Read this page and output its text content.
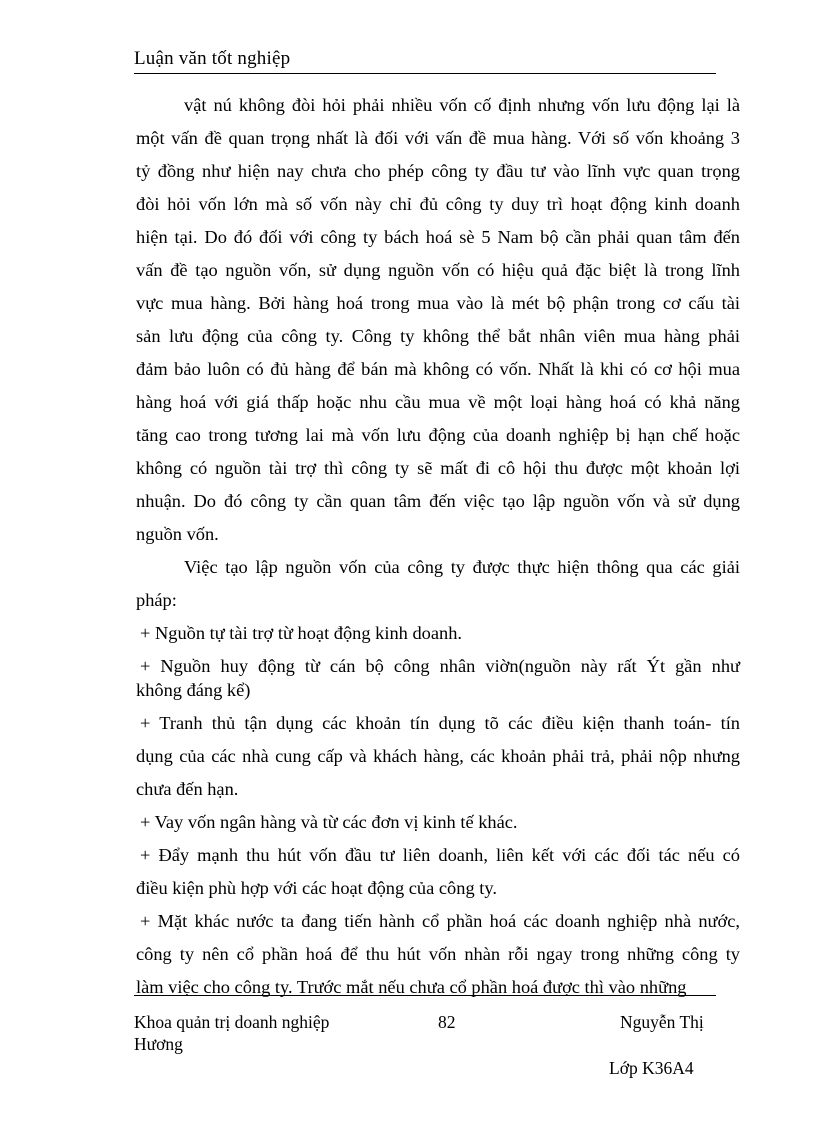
Luận văn tốt nghiệp
vật nú không đòi hỏi phải nhiều vốn cố định nhưng vốn lưu động lại là
một vấn đề quan trọng nhất là đối với vấn đề mua hàng. Với số vốn khoảng 3
tỷ đồng như hiện nay chưa cho phép công ty đầu tư vào lĩnh vực quan trọng
đòi hỏi vốn lớn mà số vốn này chỉ đủ công ty duy trì hoạt động kinh doanh
hiện tại. Do đó đối với công ty bách hoá sè 5 Nam bộ cần phải quan tâm đến
vấn đề tạo nguồn vốn, sử dụng nguồn vốn có hiệu quả đặc biệt là trong lĩnh
vực mua hàng. Bởi hàng hoá trong mua vào là mét bộ phận trong cơ cấu tài
sản lưu động của công ty. Công ty không thể bắt nhân viên mua hàng phải
đảm bảo luôn có đủ hàng để bán mà không có vốn. Nhất là khi có cơ hội mua
hàng hoá với giá thấp hoặc nhu cầu mua về một loại hàng hoá có khả năng
tăng cao trong tương lai mà vốn lưu động của doanh nghiệp bị hạn chế hoặc
không có nguồn tài trợ thì công ty sẽ mất đi cô hội thu được một khoản lợi
nhuận. Do đó công ty cần quan tâm đến việc tạo lập nguồn vốn và sử dụng
nguồn vốn.
Việc tạo lập nguồn vốn của công ty được thực hiện thông qua các giải
pháp:
+ Nguồn tự tài trợ từ hoạt động kinh doanh.
+ Nguồn huy động từ cán bộ công nhân viờn(nguồn này rất Ýt gần như
không đáng kể)
+ Tranh thủ tận dụng các khoản tín dụng tõ các điều kiện thanh toán- tín
dụng của các nhà cung cấp và khách hàng, các khoản phải trả, phải nộp nhưng
chưa đến hạn.
+ Vay vốn ngân hàng và từ các đơn vị kinh tế khác.
+ Đẩy mạnh thu hút vốn đầu tư liên doanh, liên kết với các đối tác nếu có
điều kiện phù hợp với các hoạt động của công ty.
+ Mặt khác nước ta đang tiến hành cổ phần hoá các doanh nghiệp nhà nước,
công ty nên cổ phần hoá để thu hút vốn nhàn rỗi ngay trong những công ty
làm việc cho công ty. Trước mắt nếu chưa cổ phần hoá được thì vào những
Khoa quản trị doanh nghiệp	82	Nguyễn Thị
Hương
Lớp K36A4
